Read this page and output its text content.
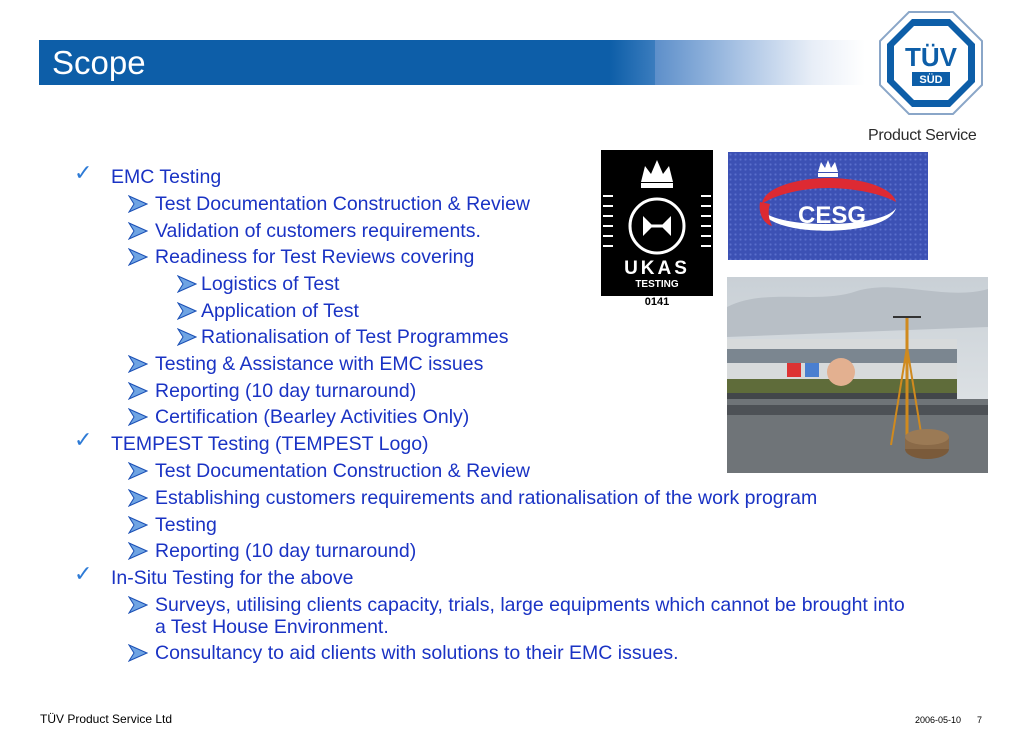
Scope	TÜV
SÜD
Product Service
✓ EMC Testing
Test Documentation Construction & Review
Validation of customers requirements.
Readiness for Test Reviews covering
Logistics of Test
Application of Test
Rationalisation of Test Programmes
Testing & Assistance with EMC issues
Reporting (10 day turnaround)
Certification (Bearley Activities Only)
✓ TEMPEST Testing (TEMPEST Logo)
Test Documentation Construction & Review
Establishing customers requirements and rationalisation of the work program
Testing
Reporting (10 day turnaround)
✓ In-Situ Testing for the above
Surveys, utilising clients capacity, trials, large equipments which cannot be brought into a Test House Environment.
Consultancy to aid clients with solutions to their EMC issues.
UKAS
TESTING
0141
CESG
TÜV Product Service Ltd	2006-05-10 7
